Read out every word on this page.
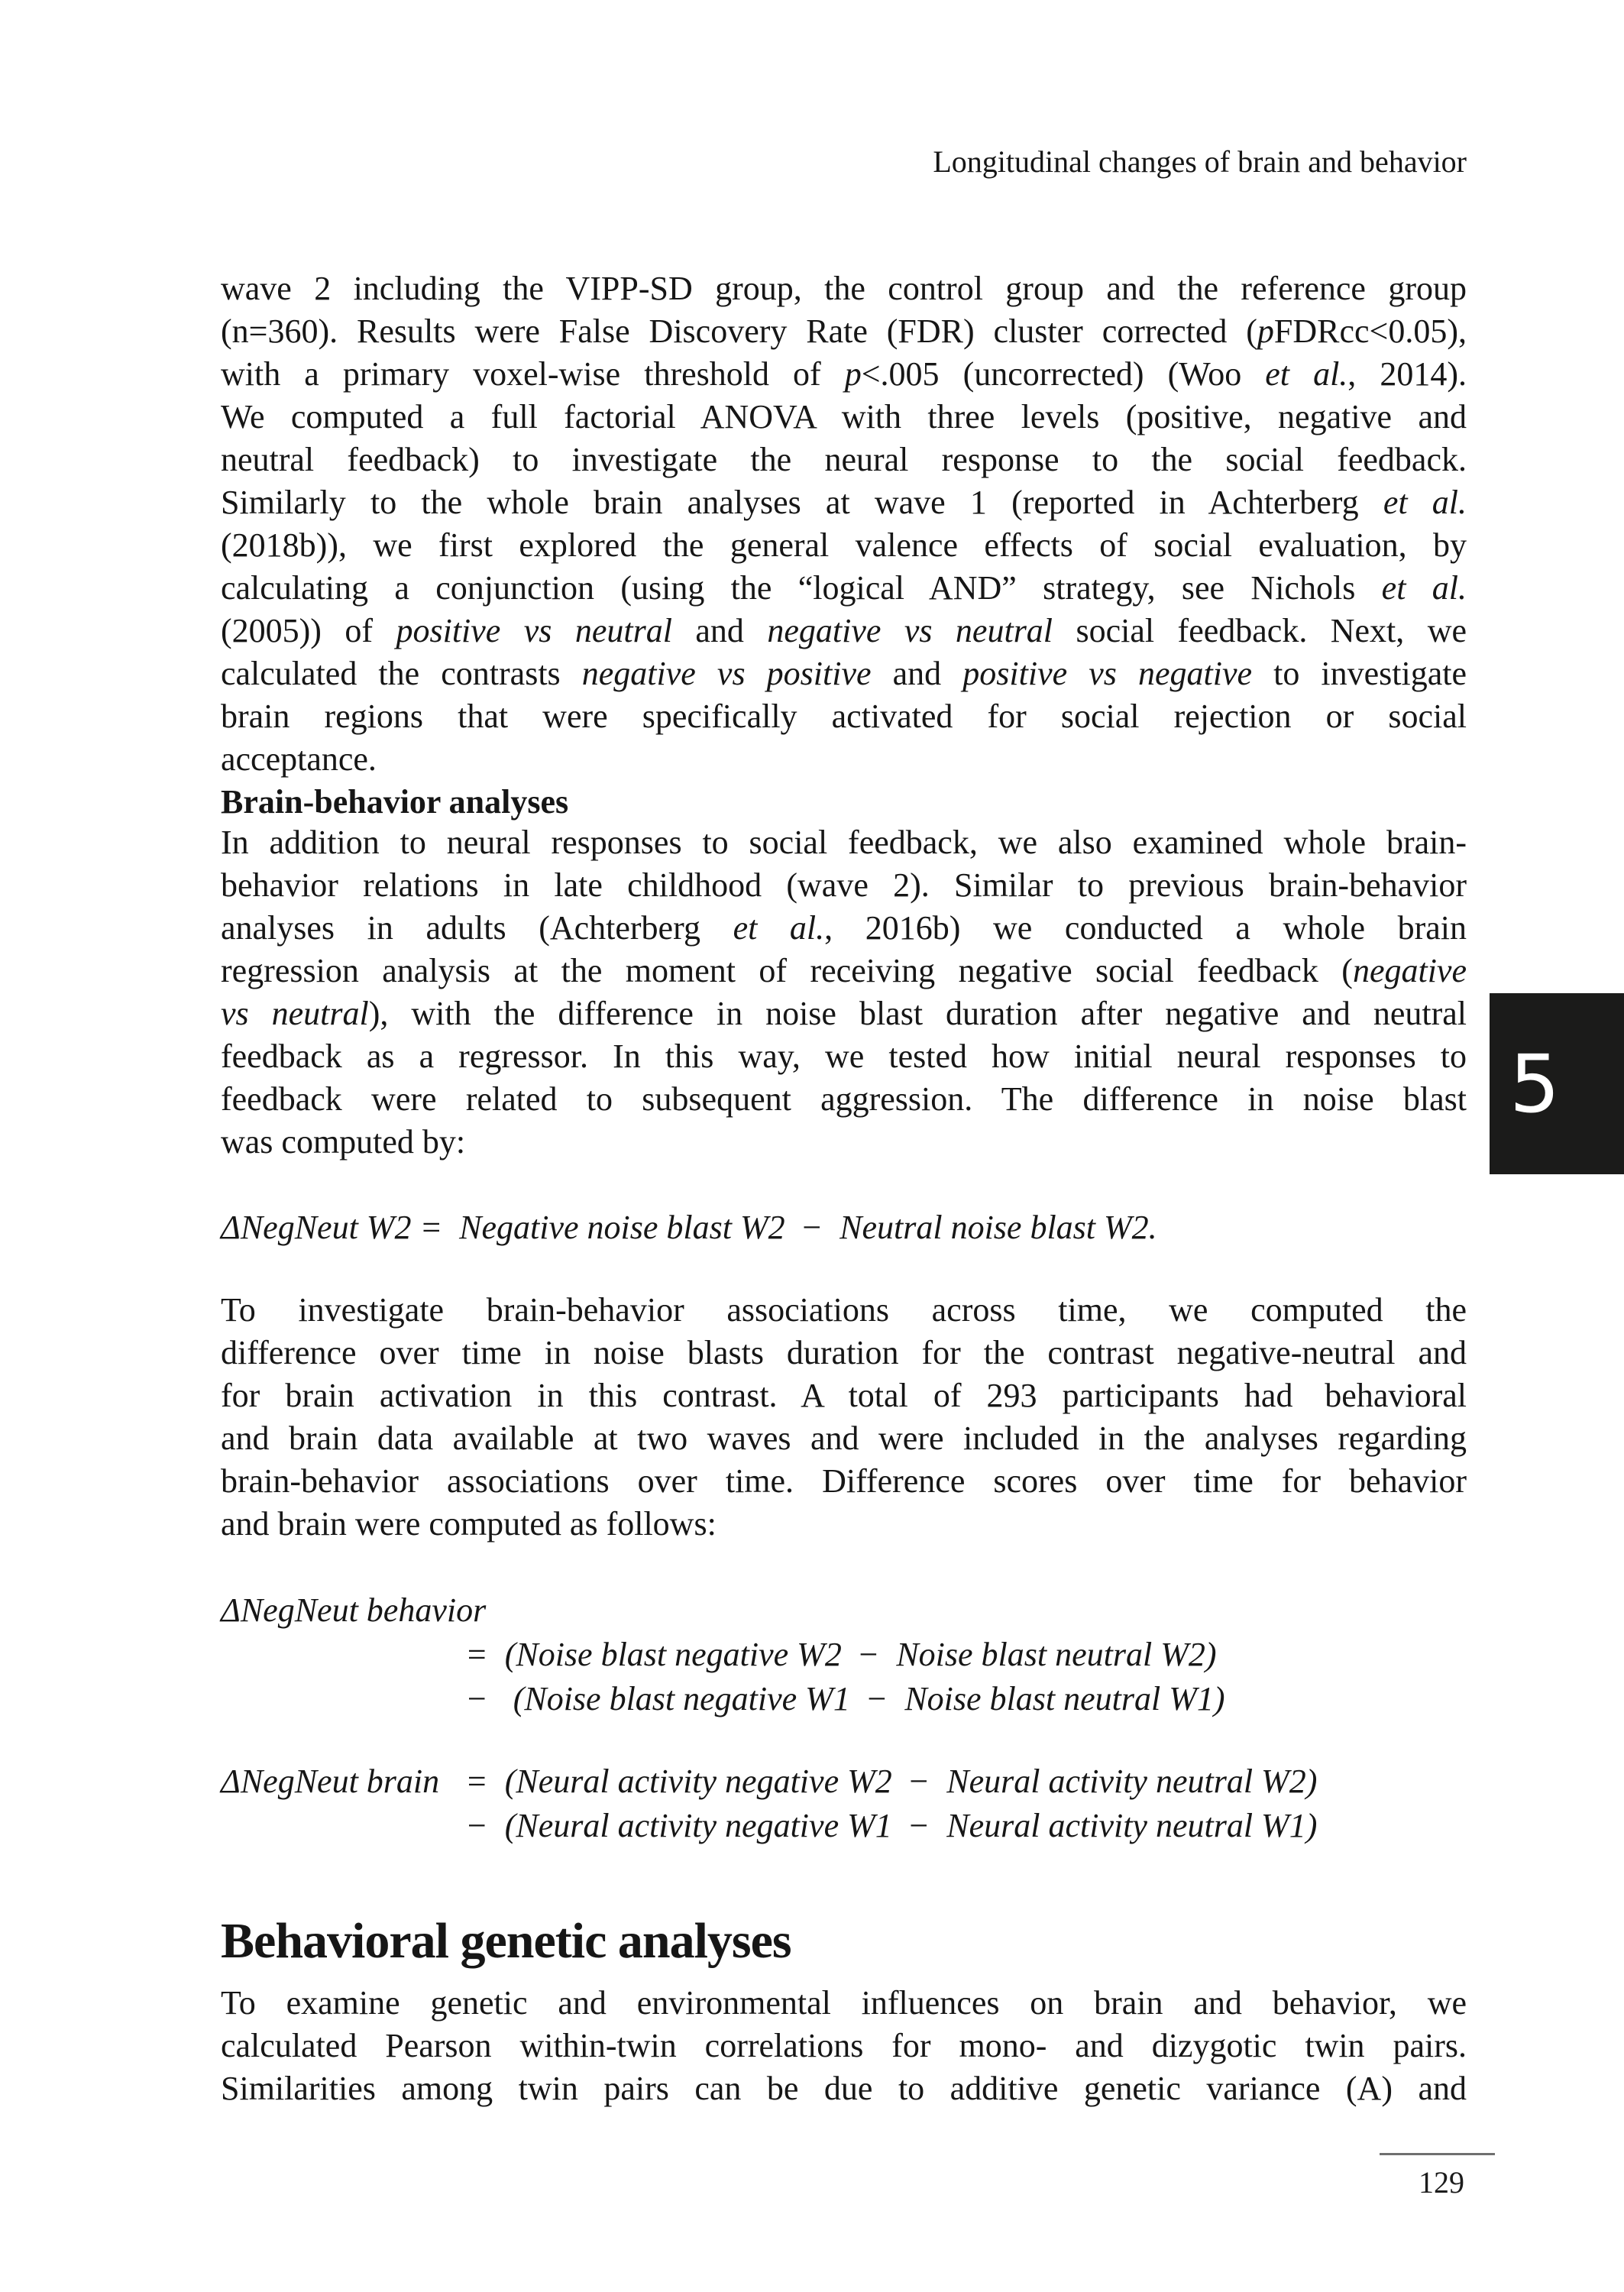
Longitudinal changes of brain and behavior
wave 2 including the VIPP-SD group, the control group and the reference group
(n=360). Results were False Discovery Rate (FDR) cluster corrected (pFDRcc<0.05),
with a primary voxel-wise threshold of p<.005 (uncorrected) (Woo et al., 2014).
We computed a full factorial ANOVA with three levels (positive, negative and
neutral feedback) to investigate the neural response to the social feedback.
Similarly to the whole brain analyses at wave 1 (reported in Achterberg et al.
(2018b)), we first explored the general valence effects of social evaluation, by
calculating a conjunction (using the “logical AND” strategy, see Nichols et al.
(2005)) of positive vs neutral and negative vs neutral social feedback. Next, we
calculated the contrasts negative vs positive and positive vs negative to investigate
brain regions that were specifically activated for social rejection or social
acceptance.
Brain-behavior analyses
In addition to neural responses to social feedback, we also examined whole brain-
behavior relations in late childhood (wave 2). Similar to previous brain-behavior
analyses in adults (Achterberg et al., 2016b) we conducted a whole brain
regression analysis at the moment of receiving negative social feedback (negative
vs neutral), with the difference in noise blast duration after negative and neutral
feedback as a regressor. In this way, we tested how initial neural responses to
feedback were related to subsequent aggression. The difference in noise blast
was computed by:
ΔNegNeut W2 = Negative noise blast W2  − Neutral noise blast W2.
To investigate brain-behavior associations across time, we computed the
difference over time in noise blasts duration for the contrast negative-neutral and
for brain activation in this contrast. A total of 293 participants had  behavioral
and brain data available at two waves and were included in the analyses regarding
brain-behavior associations over time. Difference scores over time for behavior
and brain were computed as follows:
ΔNegNeut behavior
= (Noise blast negative W2  − Noise blast neutral W2)
−  (Noise blast negative W1  − Noise blast neutral W1)
ΔNegNeut brain = (Neural activity negative W2  − Neural activity neutral W2)
− (Neural activity negative W1  − Neural activity neutral W1)
Behavioral genetic analyses
To examine genetic and environmental influences on brain and behavior, we
calculated Pearson within-twin correlations for mono- and dizygotic twin pairs.
Similarities among twin pairs can be due to additive genetic variance (A) and
5
129
